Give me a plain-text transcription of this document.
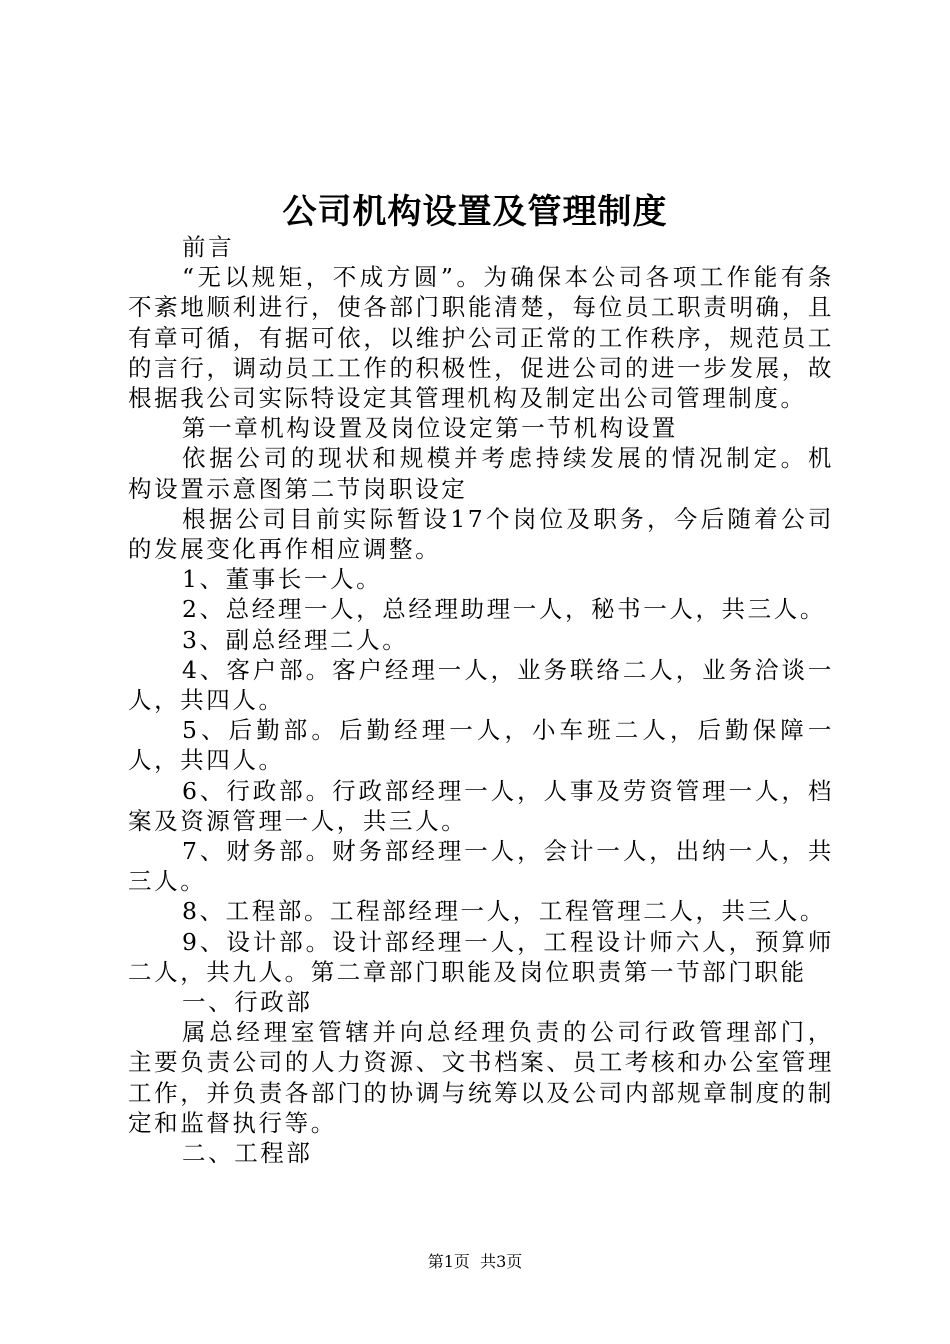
公司机构设置及管理制度

前言

“无以规矩，不成方圆”。为确保本公司各项工作能有条不紊地顺利进行，使各部门职能清楚，每位员工职责明确，且有章可循，有据可依，以维护公司正常的工作秩序，规范员工的言行，调动员工工作的积极性，促进公司的进一步发展，故根据我公司实际特设定其管理机构及制定出公司管理制度。

第一章机构设置及岗位设定第一节机构设置

依据公司的现状和规模并考虑持续发展的情况制定。机构设置示意图第二节岗职设定

根据公司目前实际暂设17个岗位及职务，今后随着公司的发展变化再作相应调整。

1、董事长一人。

2、总经理一人，总经理助理一人，秘书一人，共三人。

3、副总经理二人。

4、客户部。客户经理一人，业务联络二人，业务洽谈一人，共四人。

5、后勤部。后勤经理一人，小车班二人，后勤保障一人，共四人。

6、行政部。行政部经理一人，人事及劳资管理一人，档案及资源管理一人，共三人。

7、财务部。财务部经理一人，会计一人，出纳一人，共三人。

8、工程部。工程部经理一人，工程管理二人，共三人。

9、设计部。设计部经理一人，工程设计师六人，预算师二人，共九人。第二章部门职能及岗位职责第一节部门职能

一、行政部

属总经理室管辖并向总经理负责的公司行政管理部门，主要负责公司的人力资源、文书档案、员工考核和办公室管理工作，并负责各部门的协调与统筹以及公司内部规章制度的制定和监督执行等。

二、工程部

第1页  共3页
